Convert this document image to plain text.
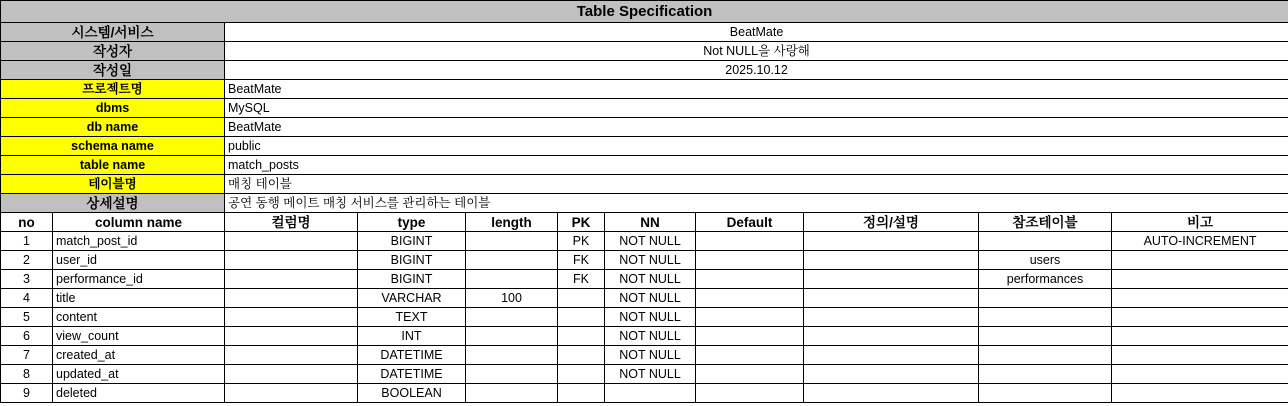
Table Specification										
시스템/서비스		BeatMate								
작성자		Not NULL을 사랑해								
작성일		2025.10.12								
프로젝트명		BeatMate								
dbms		MySQL								
db name		BeatMate								
schema name		public								
table name		match_posts								
테이블명		매칭 테이블								
상세설명		공연 동행 메이트 매칭 서비스를 관리하는 테이블								
no	column name	컬럼명	type	length	PK	NN	Default	정의/설명	참조테이블	비고
1	match_post_id		BIGINT		PK	NOT NULL				AUTO-INCREMENT
2	user_id		BIGINT		FK	NOT NULL			users	
3	performance_id		BIGINT		FK	NOT NULL			performances	
4	title		VARCHAR	100		NOT NULL				
5	content		TEXT			NOT NULL				
6	view_count		INT			NOT NULL				
7	created_at		DATETIME			NOT NULL				
8	updated_at		DATETIME			NOT NULL				
9	deleted		BOOLEAN							
